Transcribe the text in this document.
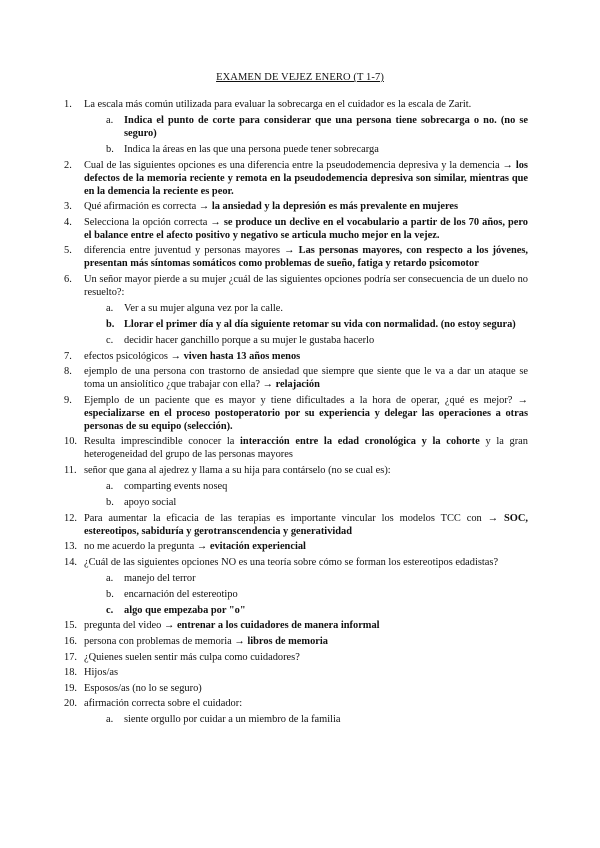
EXAMEN DE VEJEZ ENERO (T 1-7)
1.	La escala más común utilizada para evaluar la sobrecarga en el cuidador es la escala de Zarit.
a. Indica el punto de corte para considerar que una persona tiene sobrecarga o no. (no se seguro)
b. Indica la áreas en las que una persona puede tener sobrecarga
2.	Cual de las siguientes opciones es una diferencia entre la pseudodemencia depresiva y la demencia → los defectos de la memoria reciente y remota en la pseudodemencia depresiva son similar, mientras que en la demencia la reciente es peor.
3.	Qué afirmación es correcta → la ansiedad y la depresión es más prevalente en mujeres
4.	Selecciona la opción correcta → se produce un declive en el vocabulario a partir de los 70 años, pero el balance entre el afecto positivo y negativo se articula mucho mejor en la vejez.
5.	diferencia entre juventud y personas mayores → Las personas mayores, con respecto a los jóvenes, presentan más síntomas somáticos como problemas de sueño, fatiga y retardo psicomotor
6.	Un señor mayor pierde a su mujer ¿cuál de las siguientes opciones podría ser consecuencia de un duelo no resuelto?:
a. Ver a su mujer alguna vez por la calle.
b. Llorar el primer día y al día siguiente retomar su vida con normalidad. (no estoy segura)
c. decidir hacer ganchillo porque a su mujer le gustaba hacerlo
7.	efectos psicológicos → viven hasta 13 años menos
8.	ejemplo de una persona con trastorno de ansiedad que siempre que siente que le va a dar un ataque se toma un ansiolítico ¿que trabajar con ella? → relajación
9.	Ejemplo de un paciente que es mayor y tiene dificultades a la hora de operar, ¿qué es mejor? → especializarse en el proceso postoperatorio por su experiencia y delegar las operaciones a otras personas de su equipo (selección).
10. Resulta imprescindible conocer la interacción entre la edad cronológica y la cohorte y la gran heterogeneidad del grupo de las personas mayores
11. señor que gana al ajedrez y llama a su hija para contárselo (no se cual es):
a. comparting events noseq
b. apoyo social
12. Para aumentar la eficacia de las terapias es importante vincular los modelos TCC con → SOC, estereotipos, sabiduría y gerotranscendencia y generatividad
13. no me acuerdo la pregunta → evitación experiencial
14. ¿Cuál de las siguientes opciones NO es una teoría sobre cómo se forman los estereotipos edadistas?
a. manejo del terror
b. encarnación del estereotipo
c. algo que empezaba por "o"
15. pregunta del video → entrenar a los cuidadores de manera informal
16. persona con problemas de memoria → libros de memoria
17. ¿Quienes suelen sentir más culpa como cuidadores?
18. Hijos/as
19. Esposos/as (no lo se seguro)
20. afirmación correcta sobre el cuidador:
a. siente orgullo por cuidar a un miembro de la familia
